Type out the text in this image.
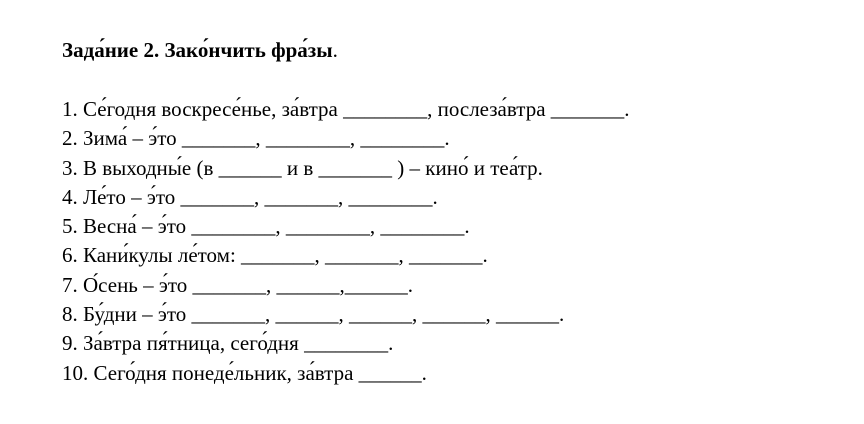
Зада́ние 2. Зако́нчить фра́зы.
1. Се́годня воскресе́нье, за́втра ________, послеза́втра _______.
2. Зима́ – э́то _______, ________, ________.
3. В выходны́е (в ______ и в _______ ) – кино́ и теа́тр.
4. Ле́то – э́то _______, _______, ________.
5. Весна́ – э́то ________, ________, ________.
6. Кани́кулы ле́том: _______, _______, _______.
7. О́сень – э́то _______, ______,______.
8. Бу́дни – э́то _______, ______, ______, ______, ______.
9. За́втра пя́тница, сего́дня ________.
10. Сего́дня понеде́льник, за́втра ______.
